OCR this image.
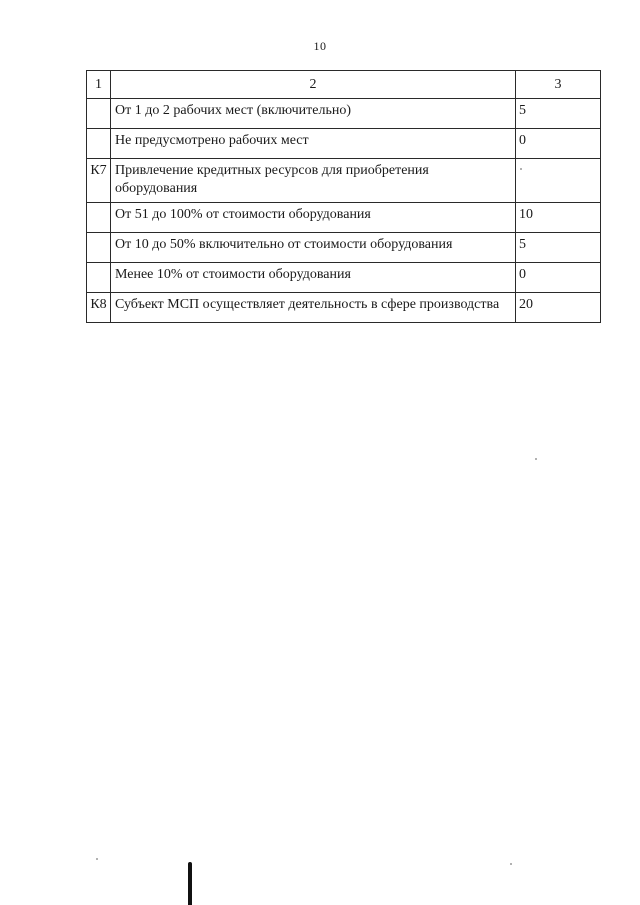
10
1	2	3
	От 1 до 2 рабочих мест (включительно)	5
	Не предусмотрено рабочих мест	0
К7	Привлечение кредитных ресурсов для приобретения оборудования	
	От 51 до 100% от стоимости оборудования	10
	От 10 до 50% включительно от стоимости оборудования	5
	Менее 10% от стоимости оборудования	0
К8	Субъект МСП осуществляет деятельность в сфере производства	20
